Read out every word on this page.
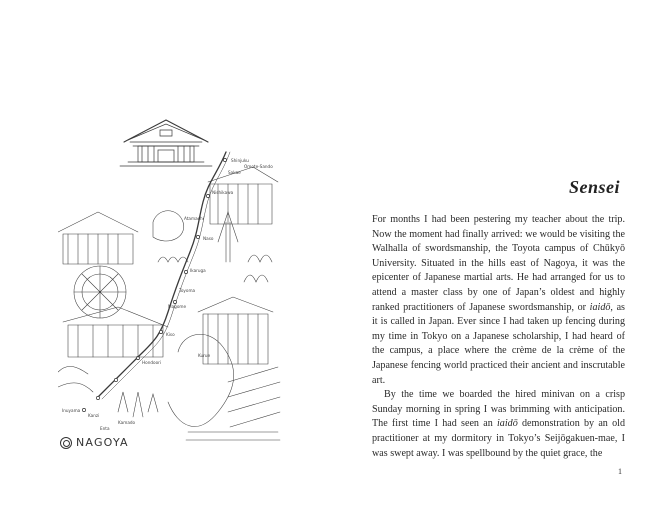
Shinjuku
Omote-Sando
Sakae
Nishikawa
Atamachi
Naso
Ikaruga
Toyoma
Magome
Kiso
Inuyama
Kanzi
Kamado
Enta
Hondoori
Kurue
NAGOYA
Sensei

For months I had been pestering my teacher about the trip. Now the moment had finally arrived: we would be visiting the Walhalla of swordsmanship, the Toyota campus of Chūkyō University. Situated in the hills east of Nagoya, it was the epicenter of Japanese martial arts. He had arranged for us to attend a master class by one of Japan’s oldest and highly ranked practitioners of Japanese swordsmanship, or iaidō, as it is called in Japan. Ever since I had taken up fencing during my time in Tokyo on a Japanese scholarship, I had heard of the campus, a place where the crème de la crème of the Japanese fencing world practiced their ancient and inscrutable art.

By the time we boarded the hired minivan on a crisp Sunday morning in spring I was brimming with anticipation. The first time I had seen an iaidō demonstration by an old practitioner at my dormitory in Tokyo’s Seijōgakuen-mae, I was swept away. I was spellbound by the quiet grace, the

1
